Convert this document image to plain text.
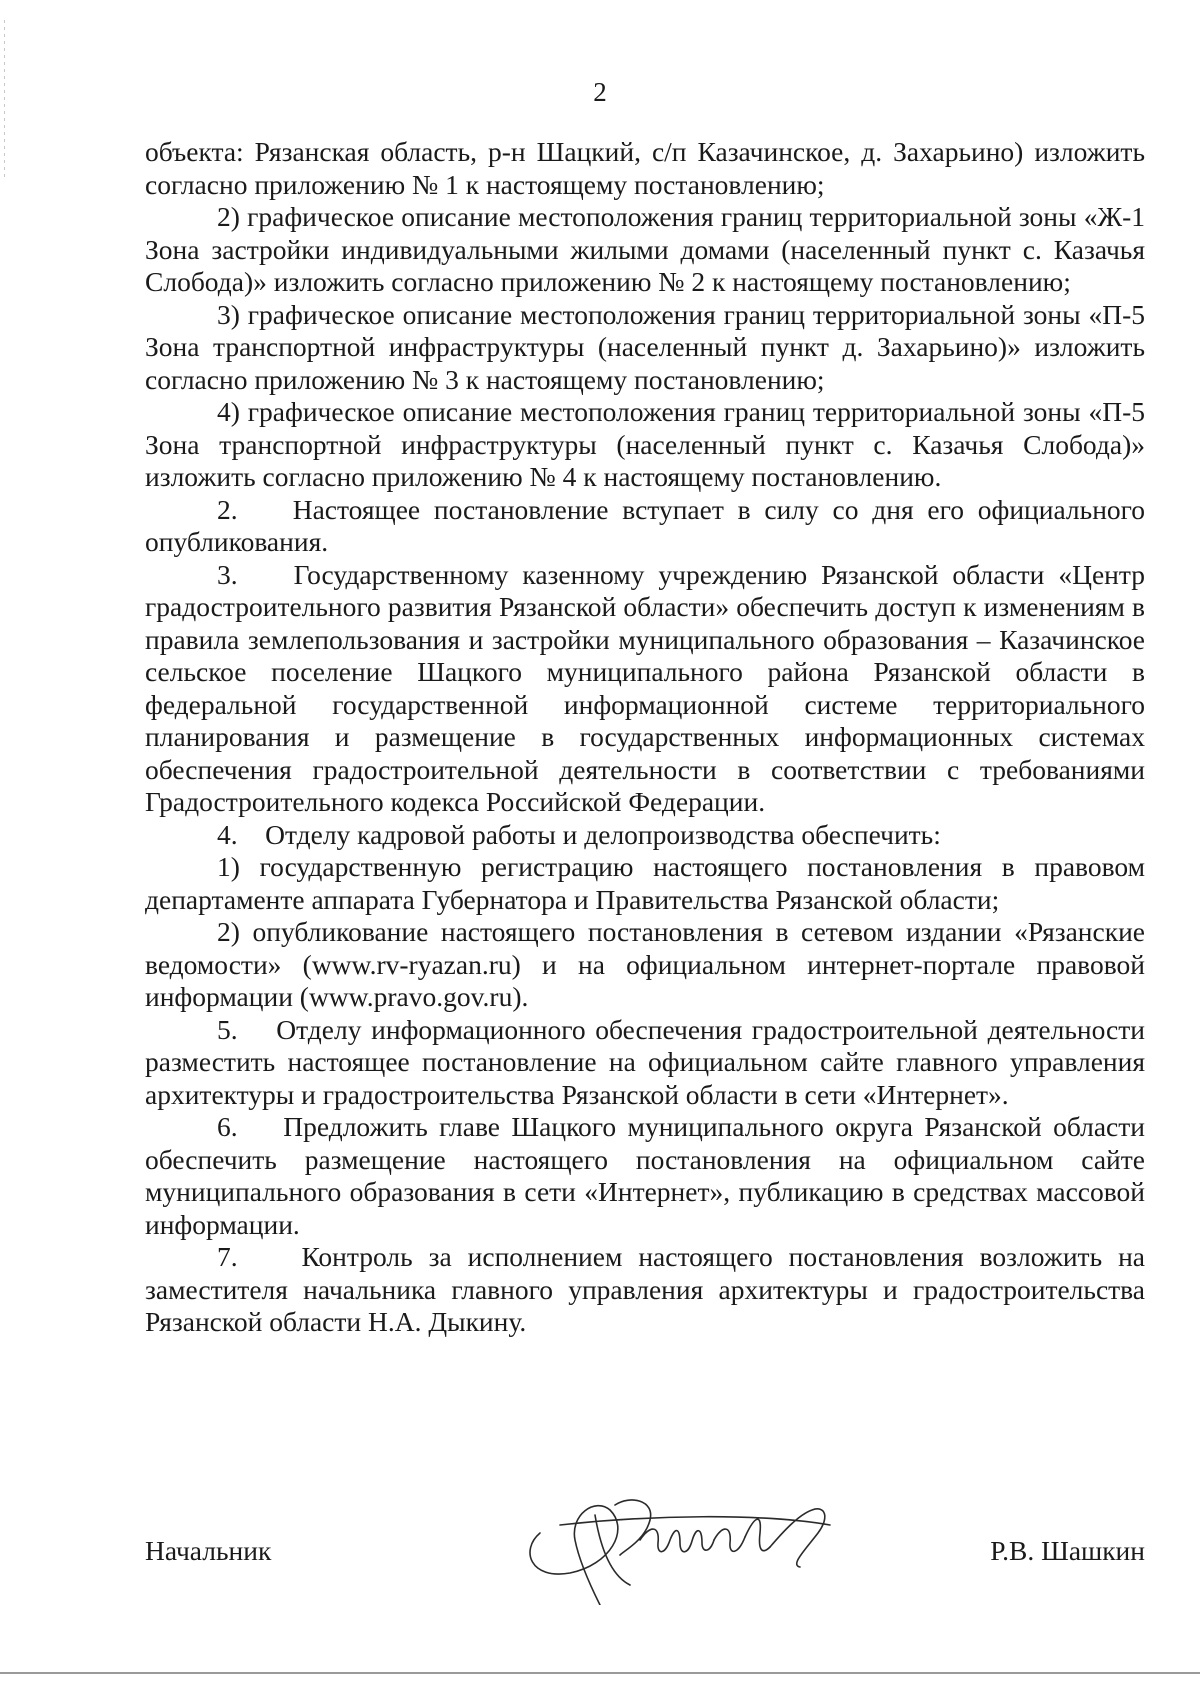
2

объекта: Рязанская область, р-н Шацкий, с/п Казачинское, д. Захарьино) изложить согласно приложению № 1 к настоящему постановлению;

2) графическое описание местоположения границ территориальной зоны «Ж-1 Зона застройки индивидуальными жилыми домами (населенный пункт с. Казачья Слобода)» изложить согласно приложению № 2 к настоящему постановлению;

3) графическое описание местоположения границ территориальной зоны «П-5 Зона транспортной инфраструктуры (населенный пункт д. Захарьино)» изложить согласно приложению № 3 к настоящему постановлению;

4) графическое описание местоположения границ территориальной зоны «П-5 Зона транспортной инфраструктуры (населенный пункт с. Казачья Слобода)» изложить согласно приложению № 4 к настоящему постановлению.

2.    Настоящее постановление вступает в силу со дня его официального опубликования.

3.    Государственному казенному учреждению Рязанской области «Центр градостроительного развития Рязанской области» обеспечить доступ к изменениям в правила землепользования и застройки муниципального образования – Казачинское сельское поселение Шацкого муниципального района Рязанской области в федеральной государственной информационной системе территориального планирования и размещение в государственных информационных системах обеспечения градостроительной деятельности в соответствии с требованиями Градостроительного кодекса Российской Федерации.

4.    Отделу кадровой работы и делопроизводства обеспечить:

1) государственную регистрацию настоящего постановления в правовом департаменте аппарата Губернатора и Правительства Рязанской области;

2) опубликование настоящего постановления в сетевом издании «Рязанские ведомости» (www.rv-ryazan.ru) и на официальном интернет-портале правовой информации (www.pravo.gov.ru).

5.    Отделу информационного обеспечения градостроительной деятельности разместить настоящее постановление на официальном сайте главного управления архитектуры и градостроительства Рязанской области в сети «Интернет».

6.    Предложить главе Шацкого муниципального округа Рязанской области обеспечить размещение настоящего постановления на официальном сайте муниципального образования в сети «Интернет», публикацию в средствах массовой информации.

7.    Контроль за исполнением настоящего постановления возложить на заместителя начальника главного управления архитектуры и градостроительства Рязанской области Н.А. Дыкину.

Начальник	Р.В. Шашкин
